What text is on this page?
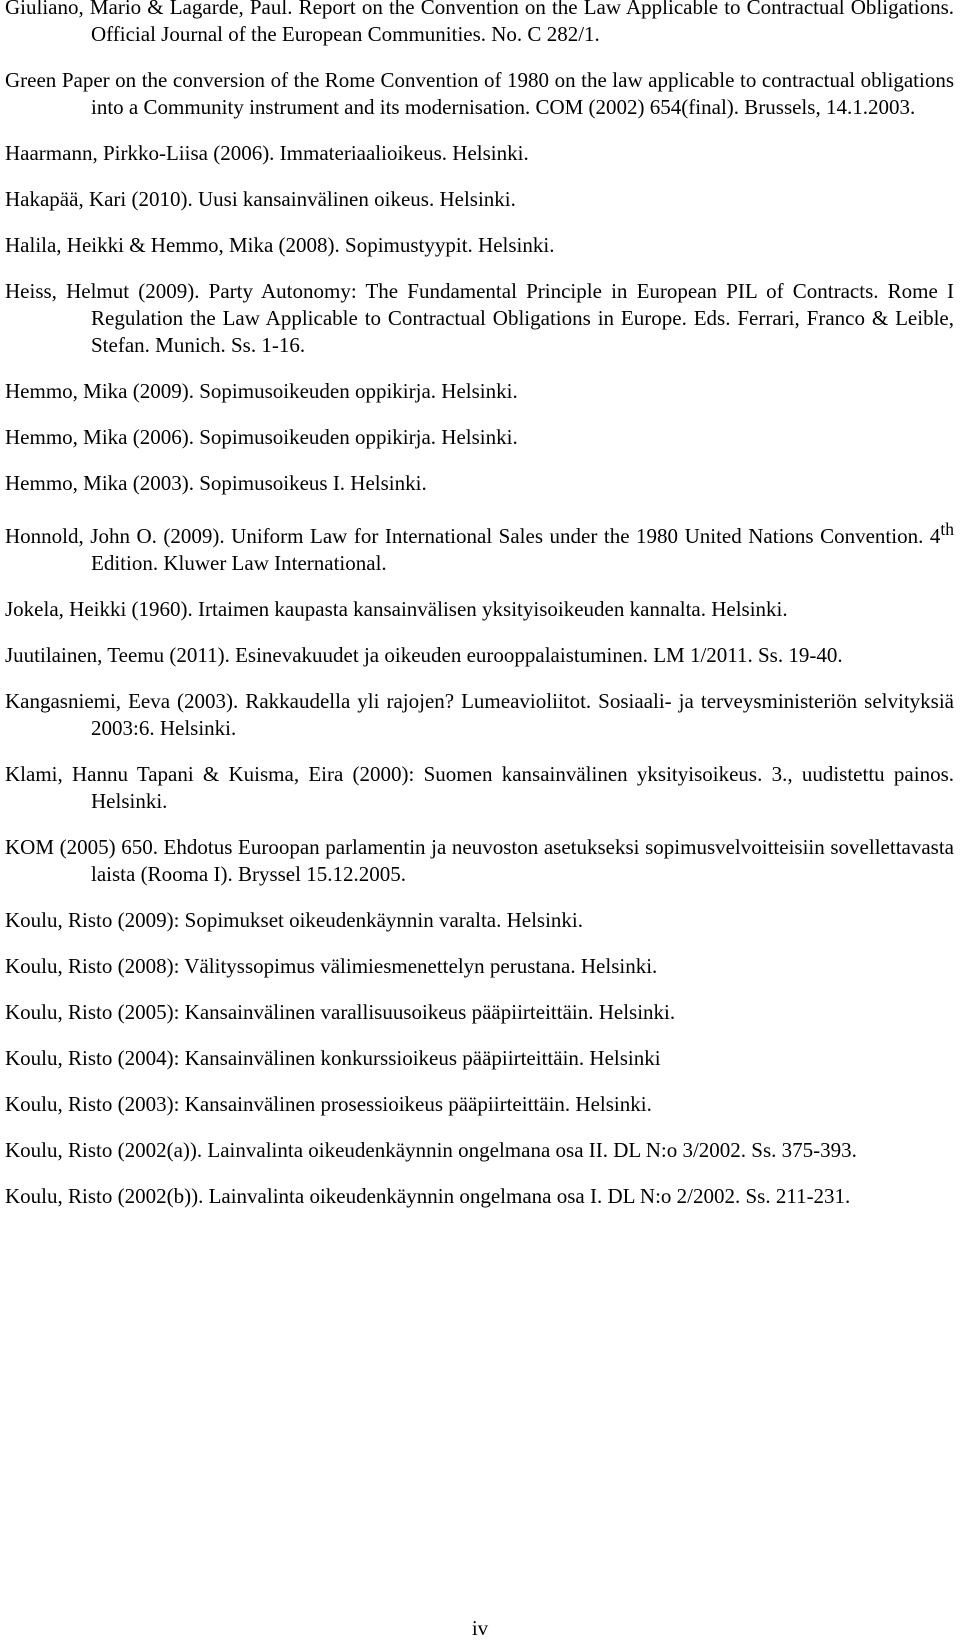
Giuliano, Mario & Lagarde, Paul. Report on the Convention on the Law Applicable to Contractual Obligations. Official Journal of the European Communities. No. C 282/1.
Green Paper on the conversion of the Rome Convention of 1980 on the law applicable to contractual obligations into a Community instrument and its modernisation. COM (2002) 654(final). Brussels, 14.1.2003.
Haarmann, Pirkko-Liisa (2006). Immateriaalioikeus. Helsinki.
Hakapää, Kari (2010). Uusi kansainvälinen oikeus. Helsinki.
Halila, Heikki & Hemmo, Mika (2008). Sopimustyypit. Helsinki.
Heiss, Helmut (2009). Party Autonomy: The Fundamental Principle in European PIL of Contracts. Rome I Regulation the Law Applicable to Contractual Obligations in Europe. Eds. Ferrari, Franco & Leible, Stefan. Munich. Ss. 1-16.
Hemmo, Mika (2009). Sopimusoikeuden oppikirja. Helsinki.
Hemmo, Mika (2006). Sopimusoikeuden oppikirja. Helsinki.
Hemmo, Mika (2003). Sopimusoikeus I. Helsinki.
Honnold, John O. (2009). Uniform Law for International Sales under the 1980 United Nations Convention. 4th Edition. Kluwer Law International.
Jokela, Heikki (1960). Irtaimen kaupasta kansainvälisen yksityisoikeuden kannalta. Helsinki.
Juutilainen, Teemu (2011). Esinevakuudet ja oikeuden eurooppalaistuminen. LM 1/2011. Ss. 19-40.
Kangasniemi, Eeva (2003). Rakkaudella yli rajojen? Lumeavioliitot. Sosiaali- ja terveysministeriön selvityksiä 2003:6. Helsinki.
Klami, Hannu Tapani & Kuisma, Eira (2000): Suomen kansainvälinen yksityisoikeus. 3., uudistettu painos. Helsinki.
KOM (2005) 650. Ehdotus Euroopan parlamentin ja neuvoston asetukseksi sopimusvelvoitteisiin sovellettavasta laista (Rooma I). Bryssel 15.12.2005.
Koulu, Risto (2009): Sopimukset oikeudenkäynnin varalta. Helsinki.
Koulu, Risto (2008): Välityssopimus välimiesmenettelyn perustana. Helsinki.
Koulu, Risto (2005): Kansainvälinen varallisuusoikeus pääpiirteittäin. Helsinki.
Koulu, Risto (2004): Kansainvälinen konkurssioikeus pääpiirteittäin. Helsinki
Koulu, Risto (2003): Kansainvälinen prosessioikeus pääpiirteittäin. Helsinki.
Koulu, Risto (2002(a)). Lainvalinta oikeudenkäynnin ongelmana osa II. DL N:o 3/2002. Ss. 375-393.
Koulu, Risto (2002(b)). Lainvalinta oikeudenkäynnin ongelmana osa I. DL N:o 2/2002. Ss. 211-231.
iv
